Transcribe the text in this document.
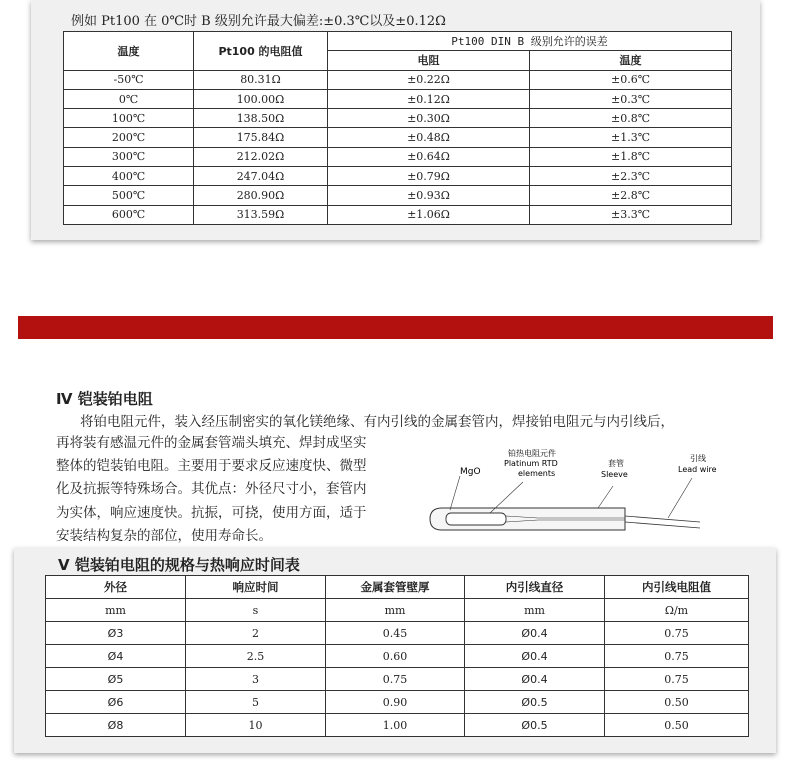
例如 Pt100 在 0℃时 B 级别允许最大偏差:±0.3℃以及±0.12Ω
温度	Pt100 的电阻值	Pt100 DIN B 级别允许的误差	
		电阻	温度
-50℃	80.31Ω	±0.22Ω	±0.6℃
0℃	100.00Ω	±0.12Ω	±0.3℃
100℃	138.50Ω	±0.30Ω	±0.8℃
200℃	175.84Ω	±0.48Ω	±1.3℃
300℃	212.02Ω	±0.64Ω	±1.8℃
400℃	247.04Ω	±0.79Ω	±2.3℃
500℃	280.90Ω	±0.93Ω	±2.8℃
600℃	313.59Ω	±1.06Ω	±3.3℃
Ⅳ 铠装铂电阻
将铂电阻元件，装入经压制密实的氧化镁绝缘、有内引线的金属套管内，焊接铂电阻元与内引线后，
再将装有感温元件的金属套管端头填充、焊封成坚实
整体的铠装铂电阻。主要用于要求反应速度快、微型
化及抗振等特殊场合。其优点：外径尺寸小，套管内
为实体，响应速度快。抗振，可挠，使用方面，适于
安装结构复杂的部位，使用寿命长。
MgO
铂热电阻元件
Platinum RTD
elements
套管
Sleeve
引线
Lead wire
Ⅴ 铠装铂电阻的规格与热响应时间表
外径	响应时间	金属套管壁厚	内引线直径	内引线电阻值
mm	s	mm	mm	Ω/m
Ø3	2	0.45	Ø0.4	0.75
Ø4	2.5	0.60	Ø0.4	0.75
Ø5	3	0.75	Ø0.4	0.75
Ø6	5	0.90	Ø0.5	0.50
Ø8	10	1.00	Ø0.5	0.50
